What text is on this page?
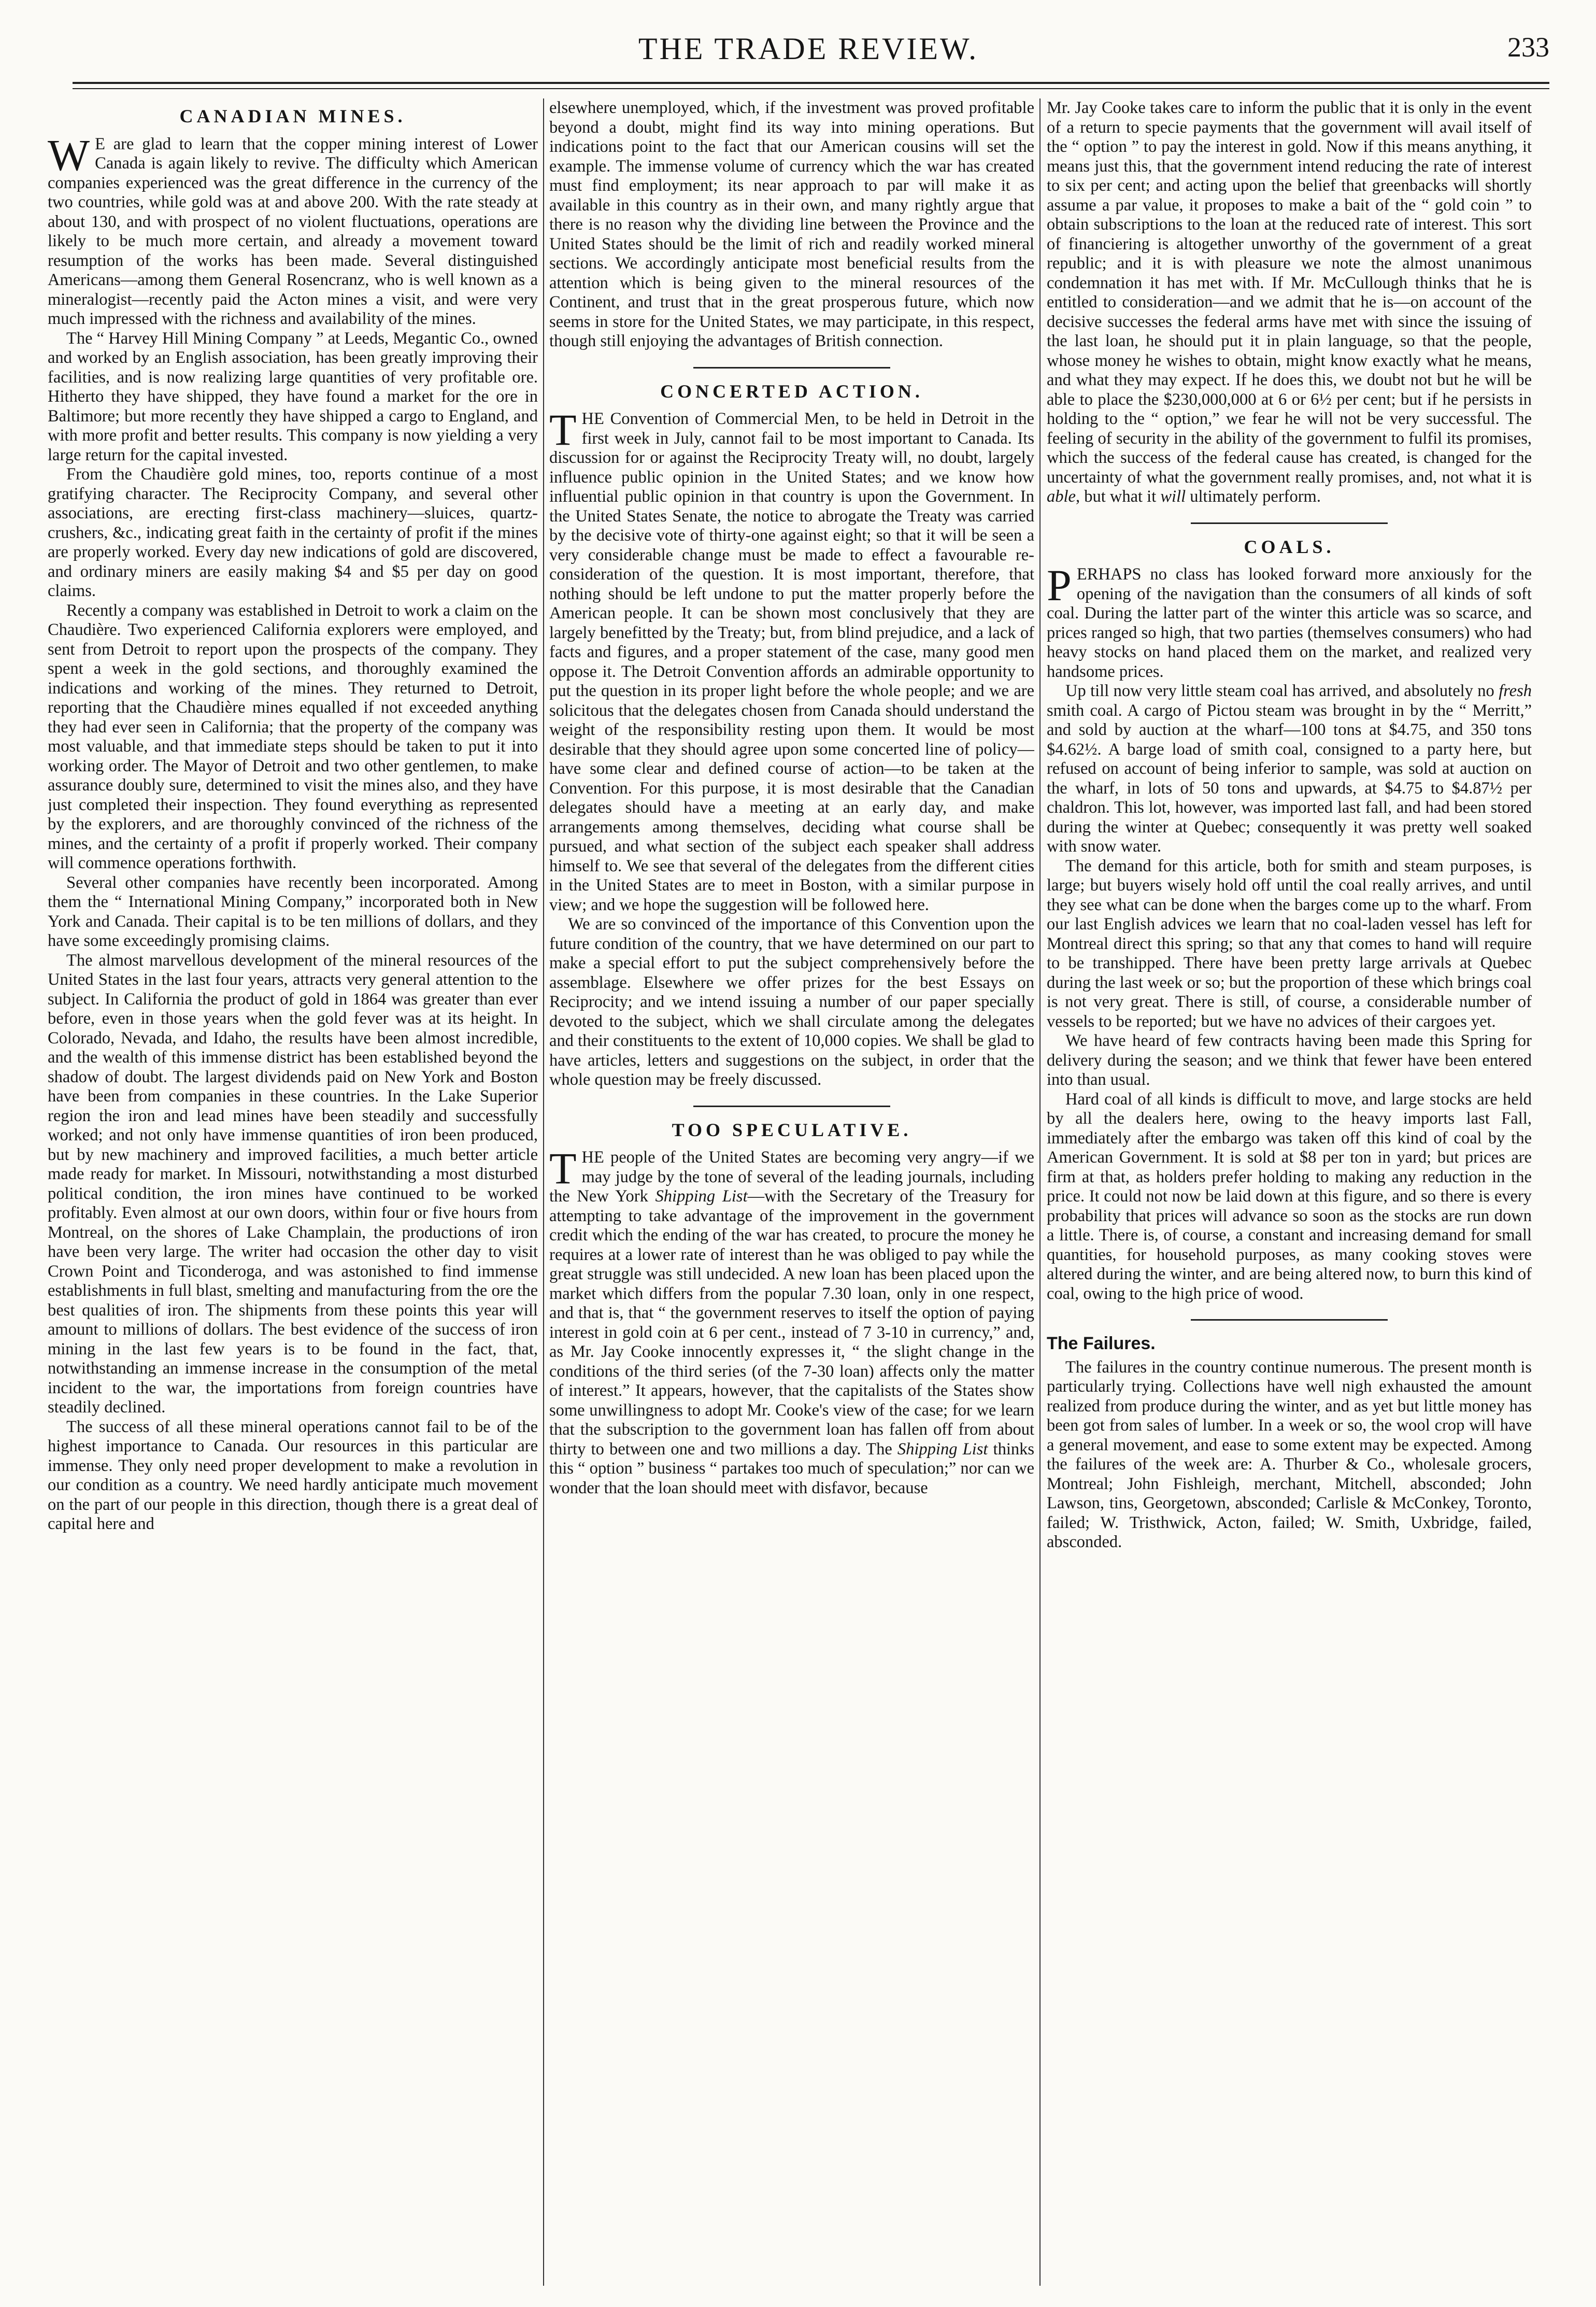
THE TRADE REVIEW.	233
CANADIAN MINES.

W E are glad to learn that the copper mining interest of Lower Canada is again likely to revive. The difficulty which American companies experienced was the great difference in the currency of the two countries, while gold was at and above 200. With the rate steady at about 130, and with prospect of no violent fluctuations, operations are likely to be much more certain, and already a movement toward resumption of the works has been made. Several distinguished Americans—among them General Rosencranz, who is well known as a mineralogist—recently paid the Acton mines a visit, and were very much impressed with the richness and availability of the mines.

The “ Harvey Hill Mining Company ” at Leeds, Megantic Co., owned and worked by an English association, has been greatly improving their facilities, and is now realizing large quantities of very profitable ore. Hitherto they have shipped, they have found a market for the ore in Baltimore; but more recently they have shipped a cargo to England, and with more profit and better results. This company is now yielding a very large return for the capital invested.

From the Chaudière gold mines, too, reports continue of a most gratifying character. The Reciprocity Company, and several other associations, are erecting first-class machinery—sluices, quartz-crushers, &c., indicating great faith in the certainty of profit if the mines are properly worked. Every day new indications of gold are discovered, and ordinary miners are easily making $4 and $5 per day on good claims.

Recently a company was established in Detroit to work a claim on the Chaudière. Two experienced California explorers were employed, and sent from Detroit to report upon the prospects of the company. They spent a week in the gold sections, and thoroughly examined the indications and working of the mines. They returned to Detroit, reporting that the Chaudière mines equalled if not exceeded anything they had ever seen in California; that the property of the company was most valuable, and that immediate steps should be taken to put it into working order. The Mayor of Detroit and two other gentlemen, to make assurance doubly sure, determined to visit the mines also, and they have just completed their inspection. They found everything as represented by the explorers, and are thoroughly convinced of the richness of the mines, and the certainty of a profit if properly worked. Their company will commence operations forthwith.

Several other companies have recently been incorporated. Among them the “ International Mining Company,” incorporated both in New York and Canada. Their capital is to be ten millions of dollars, and they have some exceedingly promising claims.

The almost marvellous development of the mineral resources of the United States in the last four years, attracts very general attention to the subject. In California the product of gold in 1864 was greater than ever before, even in those years when the gold fever was at its height. In Colorado, Nevada, and Idaho, the results have been almost incredible, and the wealth of this immense district has been established beyond the shadow of doubt. The largest dividends paid on New York and Boston have been from companies in these countries. In the Lake Superior region the iron and lead mines have been steadily and successfully worked; and not only have immense quantities of iron been produced, but by new machinery and improved facilities, a much better article made ready for market. In Missouri, notwithstanding a most disturbed political condition, the iron mines have continued to be worked profitably. Even almost at our own doors, within four or five hours from Montreal, on the shores of Lake Champlain, the productions of iron have been very large. The writer had occasion the other day to visit Crown Point and Ticonderoga, and was astonished to find immense establishments in full blast, smelting and manufacturing from the ore the best qualities of iron. The shipments from these points this year will amount to millions of dollars. The best evidence of the success of iron mining in the last few years is to be found in the fact, that, notwithstanding an immense increase in the consumption of the metal incident to the war, the importations from foreign countries have steadily declined.

The success of all these mineral operations cannot fail to be of the highest importance to Canada. Our resources in this particular are immense. They only need proper development to make a revolution in our condition as a country. We need hardly anticipate much movement on the part of our people in this direction, though there is a great deal of capital here and

elsewhere unemployed, which, if the investment was proved profitable beyond a doubt, might find its way into mining operations. But indications point to the fact that our American cousins will set the example. The immense volume of currency which the war has created must find employment; its near approach to par will make it as available in this country as in their own, and many rightly argue that there is no reason why the dividing line between the Province and the United States should be the limit of rich and readily worked mineral sections. We accordingly anticipate most beneficial results from the attention which is being given to the mineral resources of the Continent, and trust that in the great prosperous future, which now seems in store for the United States, we may participate, in this respect, though still enjoying the advantages of British connection.

CONCERTED ACTION.

THE Convention of Commercial Men, to be held in Detroit in the first week in July, cannot fail to be most important to Canada. Its discussion for or against the Reciprocity Treaty will, no doubt, largely influence public opinion in the United States; and we know how influential public opinion in that country is upon the Government. In the United States Senate, the notice to abrogate the Treaty was carried by the decisive vote of thirty-one against eight; so that it will be seen a very considerable change must be made to effect a favourable re-consideration of the question. It is most important, therefore, that nothing should be left undone to put the matter properly before the American people. It can be shown most conclusively that they are largely benefitted by the Treaty; but, from blind prejudice, and a lack of facts and figures, and a proper statement of the case, many good men oppose it. The Detroit Convention affords an admirable opportunity to put the question in its proper light before the whole people; and we are solicitous that the delegates chosen from Canada should understand the weight of the responsibility resting upon them. It would be most desirable that they should agree upon some concerted line of policy—have some clear and defined course of action—to be taken at the Convention. For this purpose, it is most desirable that the Canadian delegates should have a meeting at an early day, and make arrangements among themselves, deciding what course shall be pursued, and what section of the subject each speaker shall address himself to. We see that several of the delegates from the different cities in the United States are to meet in Boston, with a similar purpose in view; and we hope the suggestion will be followed here.

We are so convinced of the importance of this Convention upon the future condition of the country, that we have determined on our part to make a special effort to put the subject comprehensively before the assemblage. Elsewhere we offer prizes for the best Essays on Reciprocity; and we intend issuing a number of our paper specially devoted to the subject, which we shall circulate among the delegates and their constituents to the extent of 10,000 copies. We shall be glad to have articles, letters and suggestions on the subject, in order that the whole question may be freely discussed.

TOO SPECULATIVE.

THE people of the United States are becoming very angry—if we may judge by the tone of several of the leading journals, including the New York Shipping List—with the Secretary of the Treasury for attempting to take advantage of the improvement in the government credit which the ending of the war has created, to procure the money he requires at a lower rate of interest than he was obliged to pay while the great struggle was still undecided. A new loan has been placed upon the market which differs from the popular 7.30 loan, only in one respect, and that is, that “ the government reserves to itself the option of paying interest in gold coin at 6 per cent., instead of 7 3-10 in currency,” and, as Mr. Jay Cooke innocently expresses it, “ the slight change in the conditions of the third series (of the 7-30 loan) affects only the matter of interest.” It appears, however, that the capitalists of the States show some unwillingness to adopt Mr. Cooke's view of the case; for we learn that the subscription to the government loan has fallen off from about thirty to between one and two millions a day. The Shipping List thinks this “ option ” business “ partakes too much of speculation;” nor can we wonder that the loan should meet with disfavor, because

Mr. Jay Cooke takes care to inform the public that it is only in the event of a return to specie payments that the government will avail itself of the “ option ” to pay the interest in gold. Now if this means anything, it means just this, that the government intend reducing the rate of interest to six per cent; and acting upon the belief that greenbacks will shortly assume a par value, it proposes to make a bait of the “ gold coin ” to obtain subscriptions to the loan at the reduced rate of interest. This sort of financiering is altogether unworthy of the government of a great republic; and it is with pleasure we note the almost unanimous condemnation it has met with. If Mr. McCullough thinks that he is entitled to consideration—and we admit that he is—on account of the decisive successes the federal arms have met with since the issuing of the last loan, he should put it in plain language, so that the people, whose money he wishes to obtain, might know exactly what he means, and what they may expect. If he does this, we doubt not but he will be able to place the $230,000,000 at 6 or 6½ per cent; but if he persists in holding to the “ option,” we fear he will not be very successful. The feeling of security in the ability of the government to fulfil its promises, which the success of the federal cause has created, is changed for the uncertainty of what the government really promises, and, not what it is able, but what it will ultimately perform.

COALS.

PERHAPS no class has looked forward more anxiously for the opening of the navigation than the consumers of all kinds of soft coal. During the latter part of the winter this article was so scarce, and prices ranged so high, that two parties (themselves consumers) who had heavy stocks on hand placed them on the market, and realized very handsome prices.

Up till now very little steam coal has arrived, and absolutely no fresh smith coal. A cargo of Pictou steam was brought in by the “ Merritt,” and sold by auction at the wharf—100 tons at $4.75, and 350 tons $4.62½. A barge load of smith coal, consigned to a party here, but refused on account of being inferior to sample, was sold at auction on the wharf, in lots of 50 tons and upwards, at $4.75 to $4.87½ per chaldron. This lot, however, was imported last fall, and had been stored during the winter at Quebec; consequently it was pretty well soaked with snow water.

The demand for this article, both for smith and steam purposes, is large; but buyers wisely hold off until the coal really arrives, and until they see what can be done when the barges come up to the wharf. From our last English advices we learn that no coal-laden vessel has left for Montreal direct this spring; so that any that comes to hand will require to be transhipped. There have been pretty large arrivals at Quebec during the last week or so; but the proportion of these which brings coal is not very great. There is still, of course, a considerable number of vessels to be reported; but we have no advices of their cargoes yet.

We have heard of few contracts having been made this Spring for delivery during the season; and we think that fewer have been entered into than usual.

Hard coal of all kinds is difficult to move, and large stocks are held by all the dealers here, owing to the heavy imports last Fall, immediately after the embargo was taken off this kind of coal by the American Government. It is sold at $8 per ton in yard; but prices are firm at that, as holders prefer holding to making any reduction in the price. It could not now be laid down at this figure, and so there is every probability that prices will advance so soon as the stocks are run down a little. There is, of course, a constant and increasing demand for small quantities, for household purposes, as many cooking stoves were altered during the winter, and are being altered now, to burn this kind of coal, owing to the high price of wood.

The Failures.

The failures in the country continue numerous. The present month is particularly trying. Collections have well nigh exhausted the amount realized from produce during the winter, and as yet but little money has been got from sales of lumber. In a week or so, the wool crop will have a general movement, and ease to some extent may be expected. Among the failures of the week are: A. Thurber & Co., wholesale grocers, Montreal; John Fishleigh, merchant, Mitchell, absconded; John Lawson, tins, Georgetown, absconded; Carlisle & McConkey, Toronto, failed; W. Tristhwick, Acton, failed; W. Smith, Uxbridge, failed, absconded.
